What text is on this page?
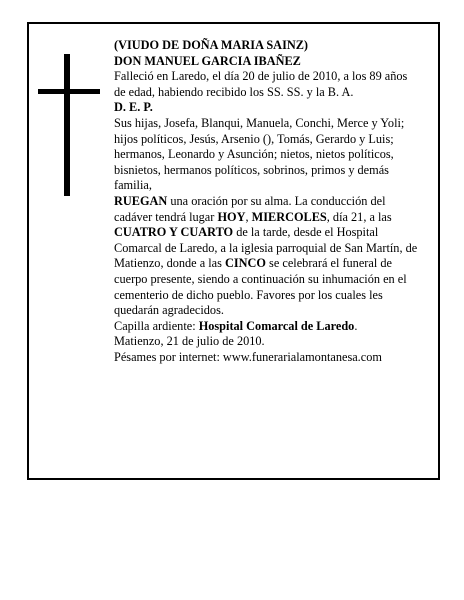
(VIUDO DE DOÑA MARIA SAINZ)

DON MANUEL GARCIA IBAÑEZ

Falleció en Laredo, el día 20 de julio de 2010, a los 89 años

de edad, habiendo recibido los SS. SS. y la B. A.

D. E. P.

Sus hijas, Josefa, Blanqui, Manuela, Conchi, Merce y Yoli; hijos políticos, Jesús, Arsenio (), Tomás, Gerardo y Luis; hermanos, Leonardo y Asunción; nietos, nietos políticos, bisnietos, hermanos políticos, sobrinos, primos y demás familia,

RUEGAN una oración por su alma. La conducción del cadáver tendrá lugar HOY, MIERCOLES, día 21, a las CUATRO Y CUARTO de la tarde, desde el Hospital Comarcal de Laredo, a la iglesia parroquial de San Martín, de Matienzo, donde a las CINCO se celebrará el funeral de cuerpo presente, siendo a continuación su inhumación en el cementerio de dicho pueblo. Favores por los cuales les quedarán agradecidos.

Capilla ardiente: Hospital Comarcal de Laredo.

Matienzo, 21 de julio de 2010.

Pésames por internet: www.funerarialamontanesa.com
